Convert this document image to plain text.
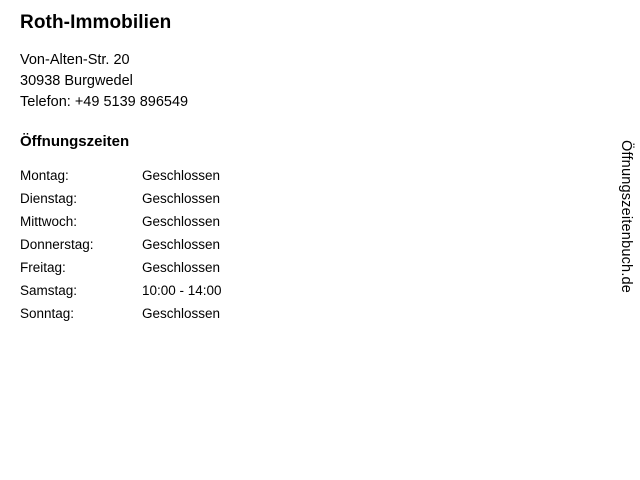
Roth-Immobilien
Von-Alten-Str. 20
30938 Burgwedel
Telefon: +49 5139 896549
Öffnungszeiten
Montag:	Geschlossen
Dienstag:	Geschlossen
Mittwoch:	Geschlossen
Donnerstag:	Geschlossen
Freitag:	Geschlossen
Samstag:	10:00 - 14:00
Sonntag:	Geschlossen
Öffnungszeitenbuch.de
